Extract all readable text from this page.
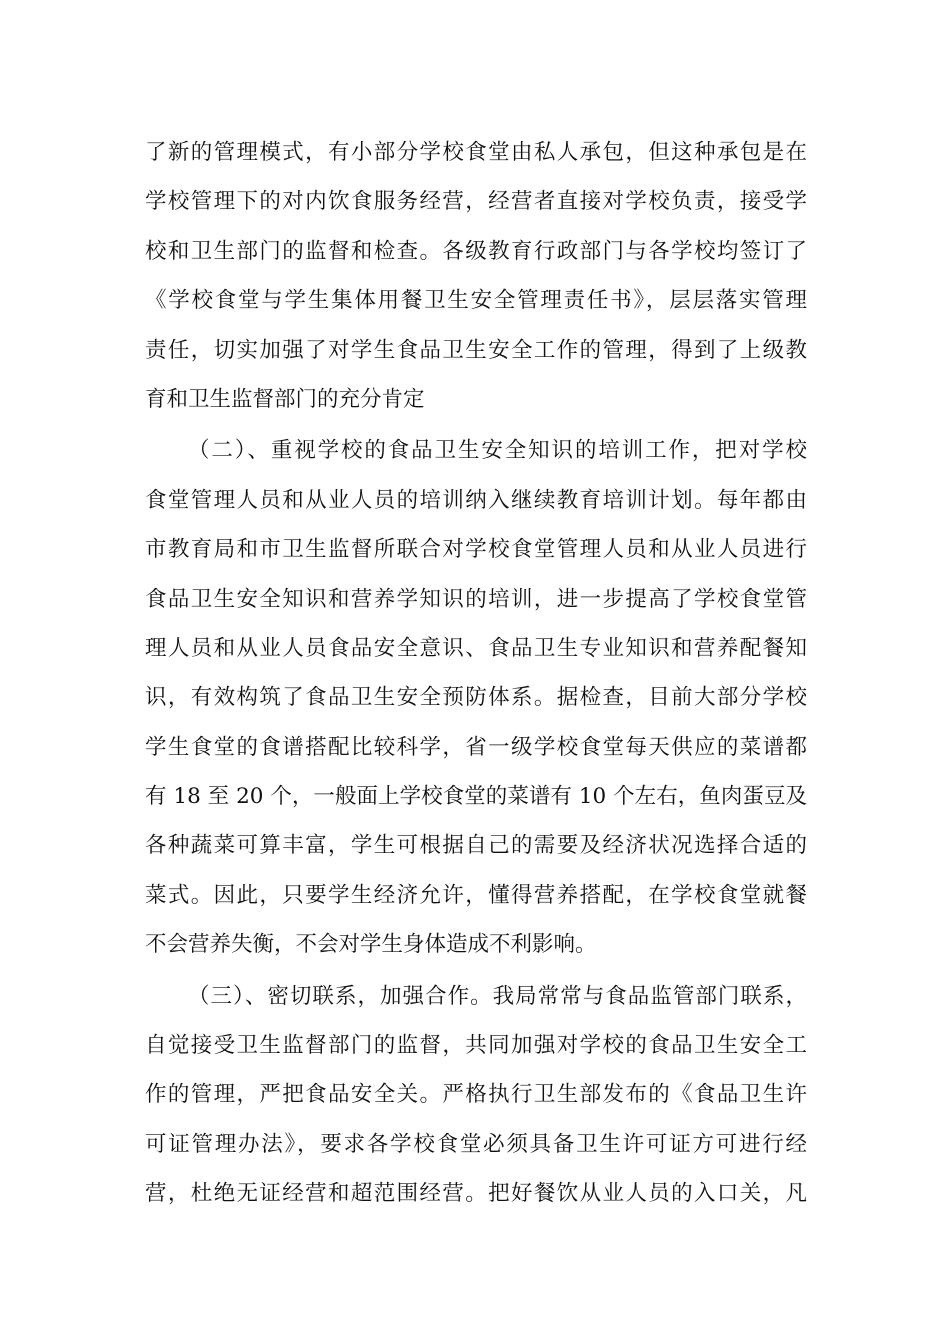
了新的管理模式，有小部分学校食堂由私人承包，但这种承包是在
学校管理下的对内饮食服务经营，经营者直接对学校负责，接受学
校和卫生部门的监督和检查。各级教育行政部门与各学校均签订了
《学校食堂与学生集体用餐卫生安全管理责任书》，层层落实管理
责任，切实加强了对学生食品卫生安全工作的管理，得到了上级教
育和卫生监督部门的充分肯定
（二）、重视学校的食品卫生安全知识的培训工作，把对学校
食堂管理人员和从业人员的培训纳入继续教育培训计划。每年都由
市教育局和市卫生监督所联合对学校食堂管理人员和从业人员进行
食品卫生安全知识和营养学知识的培训，进一步提高了学校食堂管
理人员和从业人员食品安全意识、食品卫生专业知识和营养配餐知
识，有效构筑了食品卫生安全预防体系。据检查，目前大部分学校
学生食堂的食谱搭配比较科学，省一级学校食堂每天供应的菜谱都
有 18 至 20 个，一般面上学校食堂的菜谱有 10 个左右，鱼肉蛋豆及
各种蔬菜可算丰富，学生可根据自己的需要及经济状况选择合适的
菜式。因此，只要学生经济允许，懂得营养搭配，在学校食堂就餐
不会营养失衡，不会对学生身体造成不利影响。
（三）、密切联系，加强合作。我局常常与食品监管部门联系，
自觉接受卫生监督部门的监督，共同加强对学校的食品卫生安全工
作的管理，严把食品安全关。严格执行卫生部发布的《食品卫生许
可证管理办法》，要求各学校食堂必须具备卫生许可证方可进行经
营，杜绝无证经营和超范围经营。把好餐饮从业人员的入口关，凡
